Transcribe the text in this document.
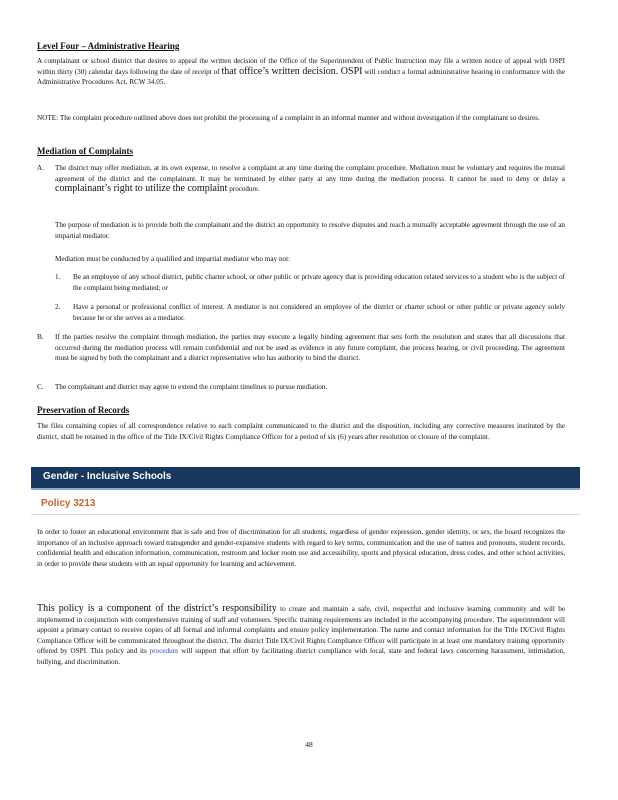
Level Four – Administrative Hearing

A complainant or school district that desires to appeal the written decision of the Office of the Superintendent of Public Instruction may file a written notice of appeal with OSPI within thirty (30) calendar days following the date of receipt of that office’s written decision. OSPI will conduct a formal administrative hearing in conformance with the Administrative Procedures Act, RCW 34.05.

NOTE: The complaint procedure outlined above does not prohibit the processing of a complaint in an informal manner and without investigation if the complainant so desires.

Mediation of Complaints
A. The district may offer mediation, at its own expense, to resolve a complaint at any time during the complaint procedure. Mediation must be voluntary and requires the mutual agreement of the district and the complainant. It may be terminated by either party at any time during the mediation process. It cannot be used to deny or delay a complainant’s right to utilize the complaint procedure.

The purpose of mediation is to provide both the complainant and the district an opportunity to resolve disputes and reach a mutually acceptable agreement through the use of an impartial mediator.

Mediation must be conducted by a qualified and impartial mediator who may not:

1. Be an employee of any school district, public charter school, or other public or private agency that is providing education related services to a student who is the subject of the complaint being mediated; or
2. Have a personal or professional conflict of interest. A mediator is not considered an employee of the district or charter school or other public or private agency solely because he or she serves as a mediator.
B. If the parties resolve the complaint through mediation, the parties may execute a legally binding agreement that sets forth the resolution and states that all discussions that occurred during the mediation process will remain confidential and not be used as evidence in any future complaint, due process hearing, or civil proceeding. The agreement must be signed by both the complainant and a district representative who has authority to bind the district.
C. The complainant and district may agree to extend the complaint timelines to pursue mediation.
Preservation of Records

The files containing copies of all correspondence relative to each complaint communicated to the district and the disposition, including any corrective measures instituted by the district, shall be retained in the office of the Title IX/Civil Rights Compliance Officer for a period of six (6) years after resolution or closure of the complaint.

Gender - Inclusive Schools
Policy 3213

In order to foster an educational environment that is safe and free of discrimination for all students, regardless of gender expression, gender identity, or sex, the board recognizes the importance of an inclusive approach toward transgender and gender-expansive students with regard to key terms, communication and the use of names and pronouns, student records, confidential health and education information, communication, restroom and locker room use and accessibility, sports and physical education, dress codes, and other school activities, in order to provide these students with an equal opportunity for learning and achievement.

This policy is a component of the district’s responsibility to create and maintain a safe, civil, respectful and inclusive learning community and will be implemented in conjunction with comprehensive training of staff and volunteers. Specific training requirements are included in the accompanying procedure. The superintendent will appoint a primary contact to receive copies of all formal and informal complaints and ensure policy implementation. The name and contact information for the Title IX/Civil Rights Compliance Officer will be communicated throughout the district. The district Title IX/Civil Rights Compliance Officer will participate in at least one mandatory training opportunity offered by OSPI. This policy and its procedure will support that effort by facilitating district compliance with local, state and federal laws concerning harassment, intimidation, bullying, and discrimination.

48
